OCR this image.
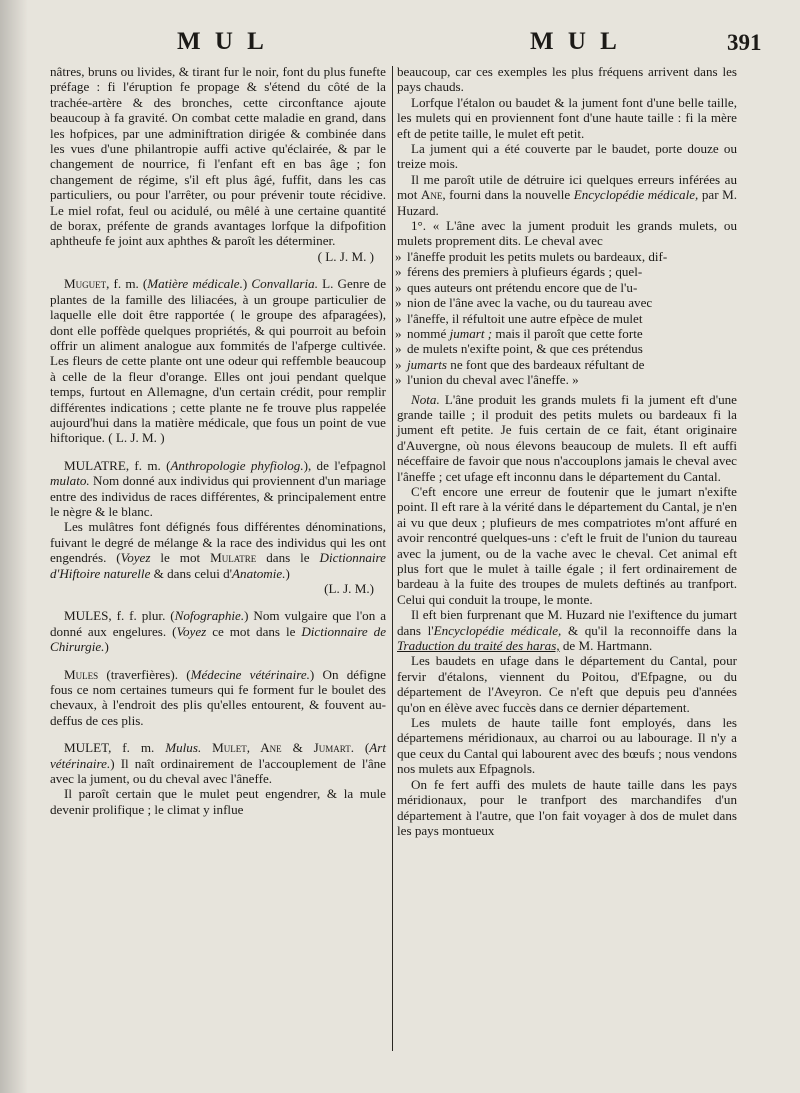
M U L	M U L	391

nâtres, bruns ou livides, & tirant fur le noir, font du plus funefte préfage : fi l'éruption fe propage & s'étend du côté de la trachée-artère & des bronches, cette circonftance ajoute beaucoup à fa gravité. On combat cette maladie en grand, dans les hofpices, par une adminiftration dirigée & combinée dans les vues d'une philantropie auffi active qu'éclairée, & par le changement de nourrice, fi l'enfant eft en bas âge ; fon changement de régime, s'il eft plus âgé, fuffit, dans les cas particuliers, ou pour l'arrêter, ou pour prévenir toute récidive. Le miel rofat, feul ou acidulé, ou mêlé à une certaine quantité de borax, préfente de grands avantages lorfque la difpofition aphtheufe fe joint aux aphthes & paroît les déterminer.

( L. J. M. )

Muguet, f. m. (Matière médicale.) Convallaria. L. Genre de plantes de la famille des liliacées, à un groupe particulier de laquelle elle doit être rapportée ( le groupe des afparagées), dont elle poffède quelques propriétés, & qui pourroit au befoin offrir un aliment analogue aux fommités de l'afperge cultivée. Les fleurs de cette plante ont une odeur qui reffemble beaucoup à celle de la fleur d'orange. Elles ont joui pendant quelque temps, furtout en Allemagne, d'un certain crédit, pour remplir différentes indications ; cette plante ne fe trouve plus rappelée aujourd'hui dans la matière médicale, que fous un point de vue hiftorique. ( L. J. M. )

MULATRE, f. m. (Anthropologie phyfiolog.), de l'efpagnol mulato. Nom donné aux individus qui proviennent d'un mariage entre des individus de races différentes, & principalement entre le nègre & le blanc.

Les mulâtres font défignés fous différentes dénominations, fuivant le degré de mélange & la race des individus qui les ont engendrés. (Voyez le mot Mulatre dans le Dictionnaire d'Hiftoire naturelle & dans celui d'Anatomie.)

(L. J. M.)

MULES, f. f. plur. (Nofographie.) Nom vulgaire que l'on a donné aux engelures. (Voyez ce mot dans le Dictionnaire de Chirurgie.)

Mules (traverfières). (Médecine vétérinaire.) On défigne fous ce nom certaines tumeurs qui fe forment fur le boulet des chevaux, à l'endroit des plis qu'elles entourent, & fouvent au-deffus de ces plis.

MULET, f. m. Mulus. Mulet, Ane & Jumart. (Art vétérinaire.) Il naît ordinairement de l'accouplement de l'âne avec la jument, ou du cheval avec l'âneffe.

Il paroît certain que le mulet peut engendrer, & la mule devenir prolifique ; le climat y influe

beaucoup, car ces exemples les plus fréquens arrivent dans les pays chauds.

Lorfque l'étalon ou baudet & la jument font d'une belle taille, les mulets qui en proviennent font d'une haute taille : fi la mère eft de petite taille, le mulet eft petit.

La jument qui a été couverte par le baudet, porte douze ou treize mois.

Il me paroît utile de détruire ici quelques erreurs inférées au mot Ane, fourni dans la nouvelle Encyclopédie médicale, par M. Huzard.

1°. « L'âne avec la jument produit les grands mulets, ou mulets proprement dits. Le cheval avec
» l'âneffe produit les petits mulets ou bardeaux, dif-
» férens des premiers à plufieurs égards ; quel-
» ques auteurs ont prétendu encore que de l'u-
» nion de l'âne avec la vache, ou du taureau avec
» l'âneffe, il réfultoit une autre efpèce de mulet
» nommé jumart ; mais il paroît que cette forte
» de mulets n'exifte point, & que ces prétendus
» jumarts ne font que des bardeaux réfultant de
» l'union du cheval avec l'âneffe. »

Nota. L'âne produit les grands mulets fi la jument eft d'une grande taille ; il produit des petits mulets ou bardeaux fi la jument eft petite. Je fuis certain de ce fait, étant originaire d'Auvergne, où nous élevons beaucoup de mulets. Il eft auffi néceffaire de favoir que nous n'accouplons jamais le cheval avec l'âneffe ; cet ufage eft inconnu dans le département du Cantal.

C'eft encore une erreur de foutenir que le jumart n'exifte point. Il eft rare à la vérité dans le département du Cantal, je n'en ai vu que deux ; plufieurs de mes compatriotes m'ont affuré en avoir rencontré quelques-uns : c'eft le fruit de l'union du taureau avec la jument, ou de la vache avec le cheval. Cet animal eft plus fort que le mulet à taille égale ; il fert ordinairement de bardeau à la fuite des troupes de mulets deftinés au tranfport. Celui qui conduit la troupe, le monte.

Il eft bien furprenant que M. Huzard nie l'exiftence du jumart dans l'Encyclopédie médicale, & qu'il la reconnoiffe dans la Traduction du traité des haras, de M. Hartmann.

Les baudets en ufage dans le département du Cantal, pour fervir d'étalons, viennent du Poitou, d'Efpagne, ou du département de l'Aveyron. Ce n'eft que depuis peu d'années qu'on en élève avec fuccès dans ce dernier département.

Les mulets de haute taille font employés, dans les départemens méridionaux, au charroi ou au labourage. Il n'y a que ceux du Cantal qui labourent avec des bœufs ; nous vendons nos mulets aux Efpagnols.

On fe fert auffi des mulets de haute taille dans les pays méridionaux, pour le tranfport des marchandifes d'un département à l'autre, que l'on fait voyager à dos de mulet dans les pays montueux
